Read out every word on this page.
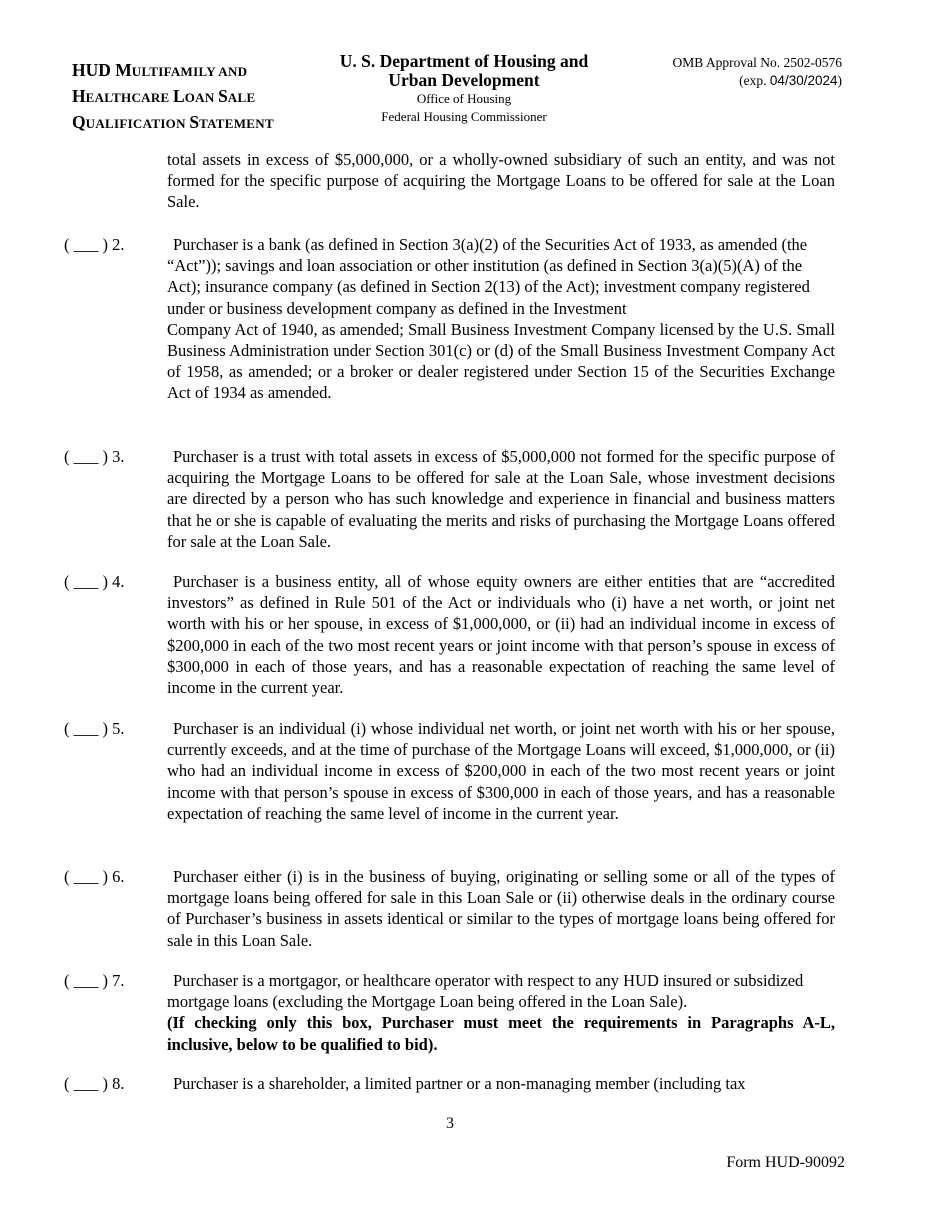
HUD MULTIFAMILY AND
HEALTHCARE LOAN SALE
QUALIFICATION STATEMENT
U. S. Department of Housing and
Urban Development
Office of Housing
Federal Housing Commissioner
OMB Approval No. 2502-0576
(exp. 04/30/2024)
total assets in excess of $5,000,000, or a wholly-owned subsidiary of such an entity, and was not formed for the specific purpose of acquiring the Mortgage Loans to be offered for sale at the Loan Sale.
( ___ ) 2.	Purchaser is a bank (as defined in Section 3(a)(2) of the Securities Act of 1933, as amended (the “Act”)); savings and loan association or other institution (as defined in Section 3(a)(5)(A) of the Act); insurance company (as defined in Section 2(13) of the Act); investment company registered under or business development company as defined in the Investment

Company Act of 1940, as amended; Small Business Investment Company licensed by the U.S. Small Business Administration under Section 301(c) or (d) of the Small Business Investment Company Act of 1958, as amended; or a broker or dealer registered under Section 15 of the Securities Exchange Act of 1934 as amended.

( ___ ) 3.	Purchaser is a trust with total assets in excess of $5,000,000 not formed for the specific purpose of acquiring the Mortgage Loans to be offered for sale at the Loan Sale, whose investment decisions are directed by a person who has such knowledge and experience in financial and business matters that he or she is capable of evaluating the merits and risks of purchasing the Mortgage Loans offered for sale at the Loan Sale.

( ___ ) 4.	Purchaser is a business entity, all of whose equity owners are either entities that are “accredited investors” as defined in Rule 501 of the Act or individuals who (i) have a net worth, or joint net worth with his or her spouse, in excess of $1,000,000, or (ii) had an individual income in excess of $200,000 in each of the two most recent years or joint income with that person’s spouse in excess of $300,000 in each of those years, and has a reasonable expectation of reaching the same level of income in the current year.

( ___ ) 5.	Purchaser is an individual (i) whose individual net worth, or joint net worth with his or her spouse, currently exceeds, and at the time of purchase of the Mortgage Loans will exceed, $1,000,000, or (ii) who had an individual income in excess of $200,000 in each of the two most recent years or joint income with that person’s spouse in excess of $300,000 in each of those years, and has a reasonable expectation of reaching the same level of income in the current year.

( ___ ) 6.	Purchaser either (i) is in the business of buying, originating or selling some or all of the types of mortgage loans being offered for sale in this Loan Sale or (ii) otherwise deals in the ordinary course of Purchaser’s business in assets identical or similar to the types of mortgage loans being offered for sale in this Loan Sale.

( ___ ) 7.	Purchaser is a mortgagor, or healthcare operator with respect to any HUD insured or subsidized mortgage loans (excluding the Mortgage Loan being offered in the Loan Sale).

(If checking only this box, Purchaser must meet the requirements in Paragraphs A-L, inclusive, below to be qualified to bid).

( ___ ) 8.	Purchaser is a shareholder, a limited partner or a non-managing member (including tax

3
Form HUD-90092
